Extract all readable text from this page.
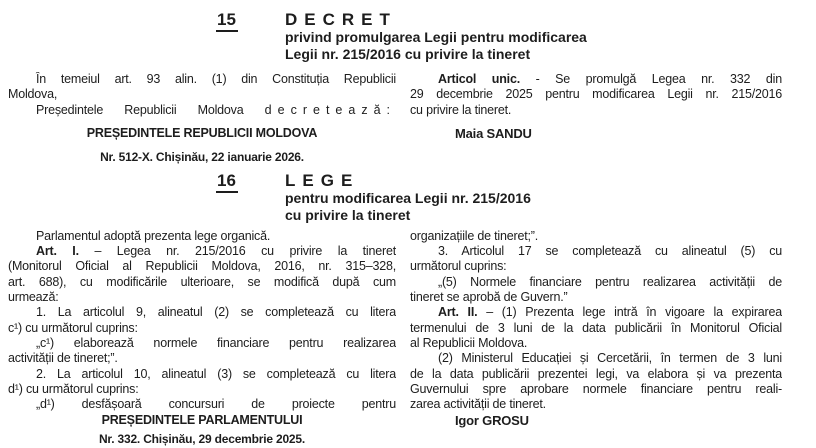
15	DECRET
privind promulgarea Legii pentru modificarea
Legii nr. 215/2016 cu privire la tineret
În temeiul art. 93 alin. (1) din Constituția Republicii
Moldova,
Președintele Republicii Moldova decretează:
PREȘEDINTELE REPUBLICII MOLDOVA
Nr. 512-X. Chișinău, 22 ianuarie 2026.
Articol unic. - Se promulgă Legea nr. 332 din
29 decembrie 2025 pentru modificarea Legii nr. 215/2016
cu privire la tineret.
Maia SANDU
16	LEGE
pentru modificarea Legii nr. 215/2016
cu privire la tineret
Parlamentul adoptă prezenta lege organică.
Art. I. – Legea nr. 215/2016 cu privire la tineret
(Monitorul Oficial al Republicii Moldova, 2016, nr. 315–328,
art. 688), cu modificările ulterioare, se modifică după cum
urmează:
1. La articolul 9, alineatul (2) se completează cu litera
c¹) cu următorul cuprins:
„c¹) elaborează normele financiare pentru realizarea
activității de tineret;”.
2. La articolul 10, alineatul (3) se completează cu litera
d¹) cu următorul cuprins:
„d¹) desfășoară concursuri de proiecte pentru
PREȘEDINTELE PARLAMENTULUI
Nr. 332. Chișinău, 29 decembrie 2025.
organizațiile de tineret;”.
3. Articolul 17 se completează cu alineatul (5) cu
următorul cuprins:
„(5) Normele financiare pentru realizarea activității de
tineret se aprobă de Guvern.”
Art. II. – (1) Prezenta lege intră în vigoare la expirarea
termenului de 3 luni de la data publicării în Monitorul Oficial
al Republicii Moldova.
(2) Ministerul Educației și Cercetării, în termen de 3 luni
de la data publicării prezentei legi, va elabora și va prezenta
Guvernului spre aprobare normele financiare pentru reali-
zarea activității de tineret.
Igor GROSU
